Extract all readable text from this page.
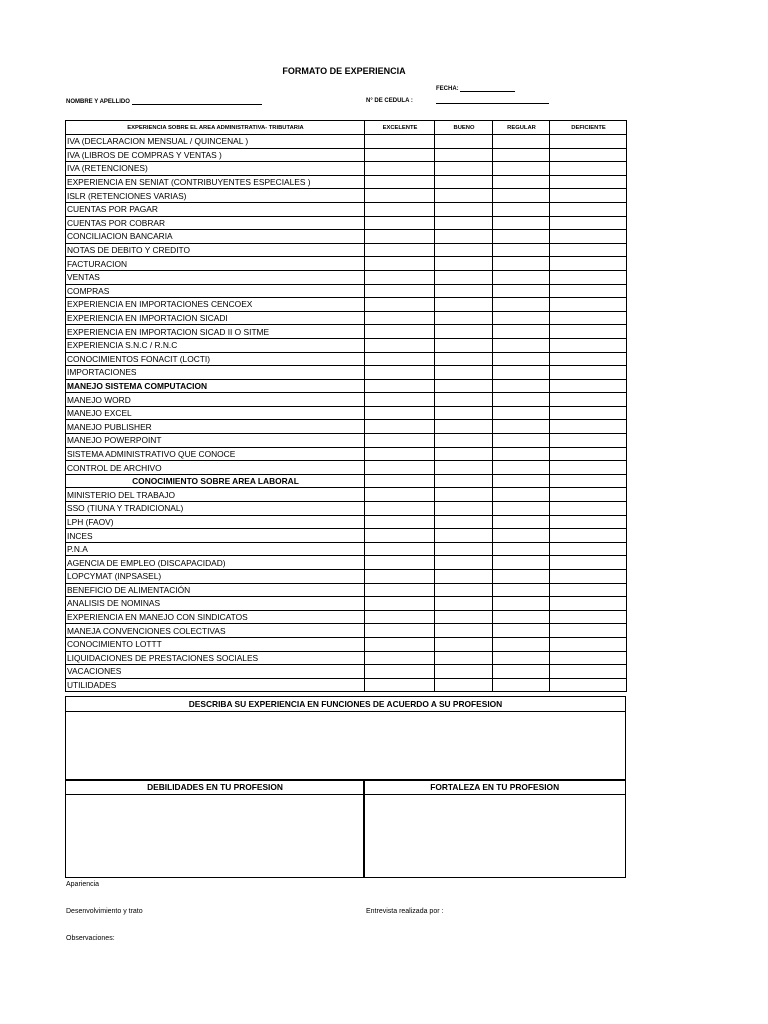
FORMATO DE EXPERIENCIA
FECHA:
NOMBRE Y APELLIDO	N° DE CEDULA :
EXPERIENCIA SOBRE EL AREA ADMINISTRATIVA- TRIBUTARIA	EXCELENTE	BUENO	REGULAR	DEFICIENTE
IVA (DECLARACION MENSUAL / QUINCENAL )				
IVA (LIBROS DE COMPRAS Y VENTAS )				
IVA (RETENCIONES)				
EXPERIENCIA EN SENIAT (CONTRIBUYENTES ESPECIALES )				
ISLR (RETENCIONES VARIAS)				
CUENTAS POR PAGAR				
CUENTAS POR COBRAR				
CONCILIACION BANCARIA				
NOTAS DE DEBITO Y CREDITO				
FACTURACION				
VENTAS				
COMPRAS				
EXPERIENCIA EN IMPORTACIONES CENCOEX				
EXPERIENCIA EN IMPORTACION SICADI				
EXPERIENCIA EN IMPORTACION SICAD II O SITME				
EXPERIENCIA S.N.C / R.N.C				
CONOCIMIENTOS FONACIT (LOCTI)				
IMPORTACIONES				
MANEJO SISTEMA COMPUTACION				
MANEJO WORD				
MANEJO EXCEL				
MANEJO PUBLISHER				
MANEJO POWERPOINT				
SISTEMA ADMINISTRATIVO QUE CONOCE				
CONTROL DE ARCHIVO				
CONOCIMIENTO SOBRE AREA LABORAL				
MINISTERIO DEL TRABAJO				
SSO (TIUNA Y TRADICIONAL)				
LPH (FAOV)				
INCES				
P.N.A				
AGENCIA DE EMPLEO (DISCAPACIDAD)				
LOPCYMAT (INPSASEL)				
BENEFICIO DE ALIMENTACIÓN				
ANALISIS DE NOMINAS				
EXPERIENCIA EN MANEJO CON SINDICATOS				
MANEJA CONVENCIONES COLECTIVAS				
CONOCIMIENTO LOTTT				
LIQUIDACIONES DE PRESTACIONES SOCIALES				
VACACIONES				
UTILIDADES				
DESCRIBA SU EXPERIENCIA EN FUNCIONES DE ACUERDO A SU PROFESION
DEBILIDADES EN TU PROFESION	FORTALEZA EN TU PROFESION
Apariencia
Desenvolvimiento y trato	Entrevista realizada por :
Observaciones:
